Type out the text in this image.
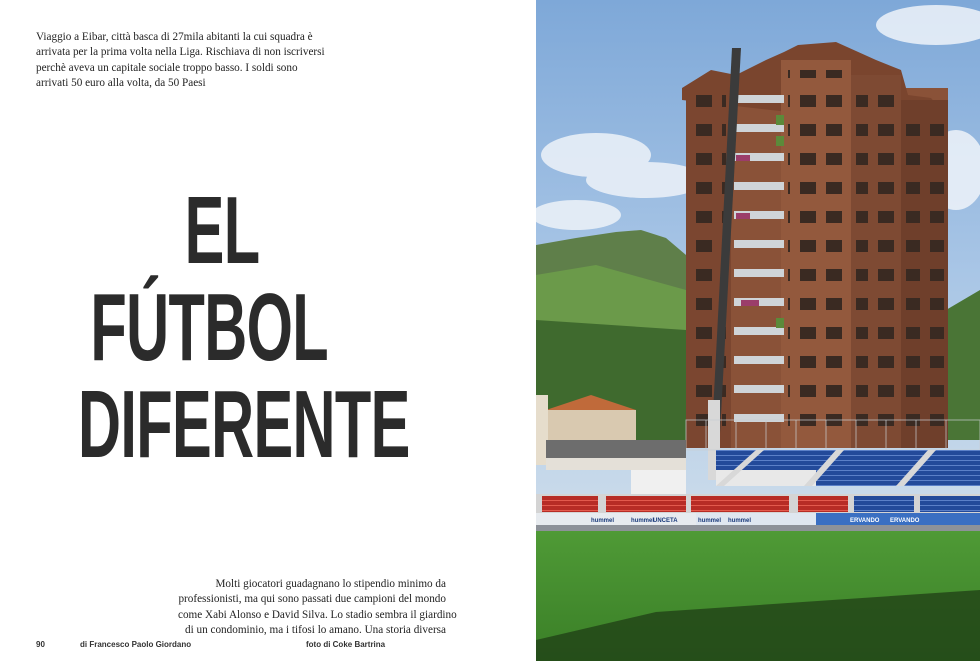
Viaggio a Eibar, città basca di 27mila abitanti la cui squadra è arrivata per la prima volta nella Liga. Rischiava di non iscriversi perchè aveva un capitale sociale troppo basso. I soldi sono arrivati 50 euro alla volta, da 50 Paesi

EL
FÚTBOL
DIFERENTE

Molti giocatori guadagnano lo stipendio minimo da
professionisti, ma qui sono passati due campioni del mondo
come Xabi Alonso e David Silva. Lo stadio sembra il giardino
di un condominio, ma i tifosi lo amano. Una storia diversa

90	di Francesco Paolo Giordano	foto di Coke Bartrina
hummel	hummel
UNCETA	hummel hummel	ERVANDO ERVANDO
